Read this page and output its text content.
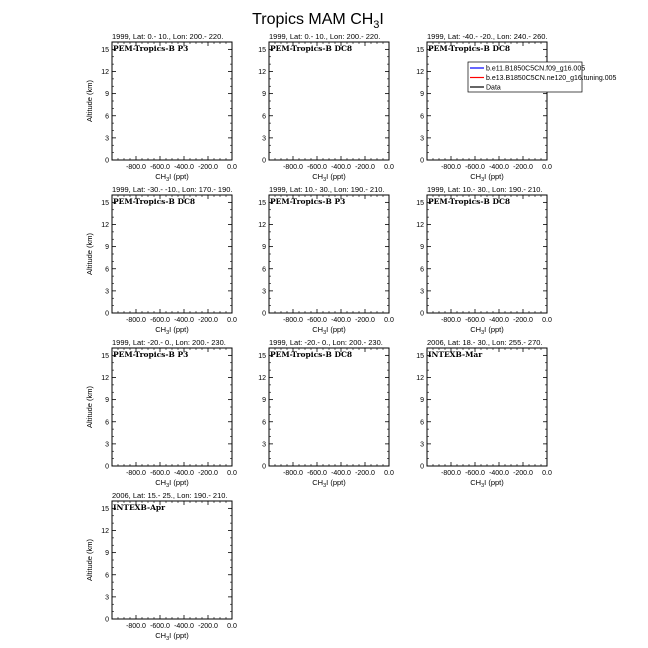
Tropics MAM $CH_3I$
1999, Lat: 0.- 10., Lon: 200.- 220.
PEM-Tropics-B P3
0
3
6
9
12
15
-800.0 -600.0 -400.0 -200.0 0.0
$CH_3I$ (ppt)
Altitude (km)
1999, Lat: 0.- 10., Lon: 200.- 220.
PEM-Tropics-B DC8
0
3
6
9
12
15
-800.0 -600.0 -400.0 -200.0 0.0
$CH_3I$ (ppt)
1999, Lat: -40.- -20., Lon: 240.- 260.
PEM-Tropics-B DC8
0
3
6
9
12
15
-800.0 -600.0 -400.0 -200.0 0.0
$CH_3I$ (ppt)
1999, Lat: -30.- -10., Lon: 170.- 190.
PEM-Tropics-B DC8
0
3
6
9
12
15
-800.0 -600.0 -400.0 -200.0 0.0
$CH_3I$ (ppt)
Altitude (km)
1999, Lat: 10.- 30., Lon: 190.- 210.
PEM-Tropics-B P3
0
3
6
9
12
15
-800.0 -600.0 -400.0 -200.0 0.0
$CH_3I$ (ppt)
1999, Lat: 10.- 30., Lon: 190.- 210.
PEM-Tropics-B DC8
0
3
6
9
12
15
-800.0 -600.0 -400.0 -200.0 0.0
$CH_3I$ (ppt)
1999, Lat: -20.- 0., Lon: 200.- 230.
PEM-Tropics-B P3
0
3
6
9
12
15
-800.0 -600.0 -400.0 -200.0 0.0
$CH_3I$ (ppt)
Altitude (km)
1999, Lat: -20.- 0., Lon: 200.- 230.
PEM-Tropics-B DC8
0
3
6
9
12
15
-800.0 -600.0 -400.0 -200.0 0.0
$CH_3I$ (ppt)
2006, Lat: 18.- 30., Lon: 255.- 270.
INTEXB-Mar
0
3
6
9
12
15
-800.0 -600.0 -400.0 -200.0 0.0
$CH_3I$ (ppt)
2006, Lat: 15.- 25., Lon: 190.- 210.
INTEXB-Apr
0
3
6
9
12
15
-800.0 -600.0 -400.0 -200.0 0.0
$CH_3I$ (ppt)
Altitude (km)
b.e11.B1850C5CN.f09_g16.005
b.e13.B1850C5CN.ne120_g16.tuning.005
Data
